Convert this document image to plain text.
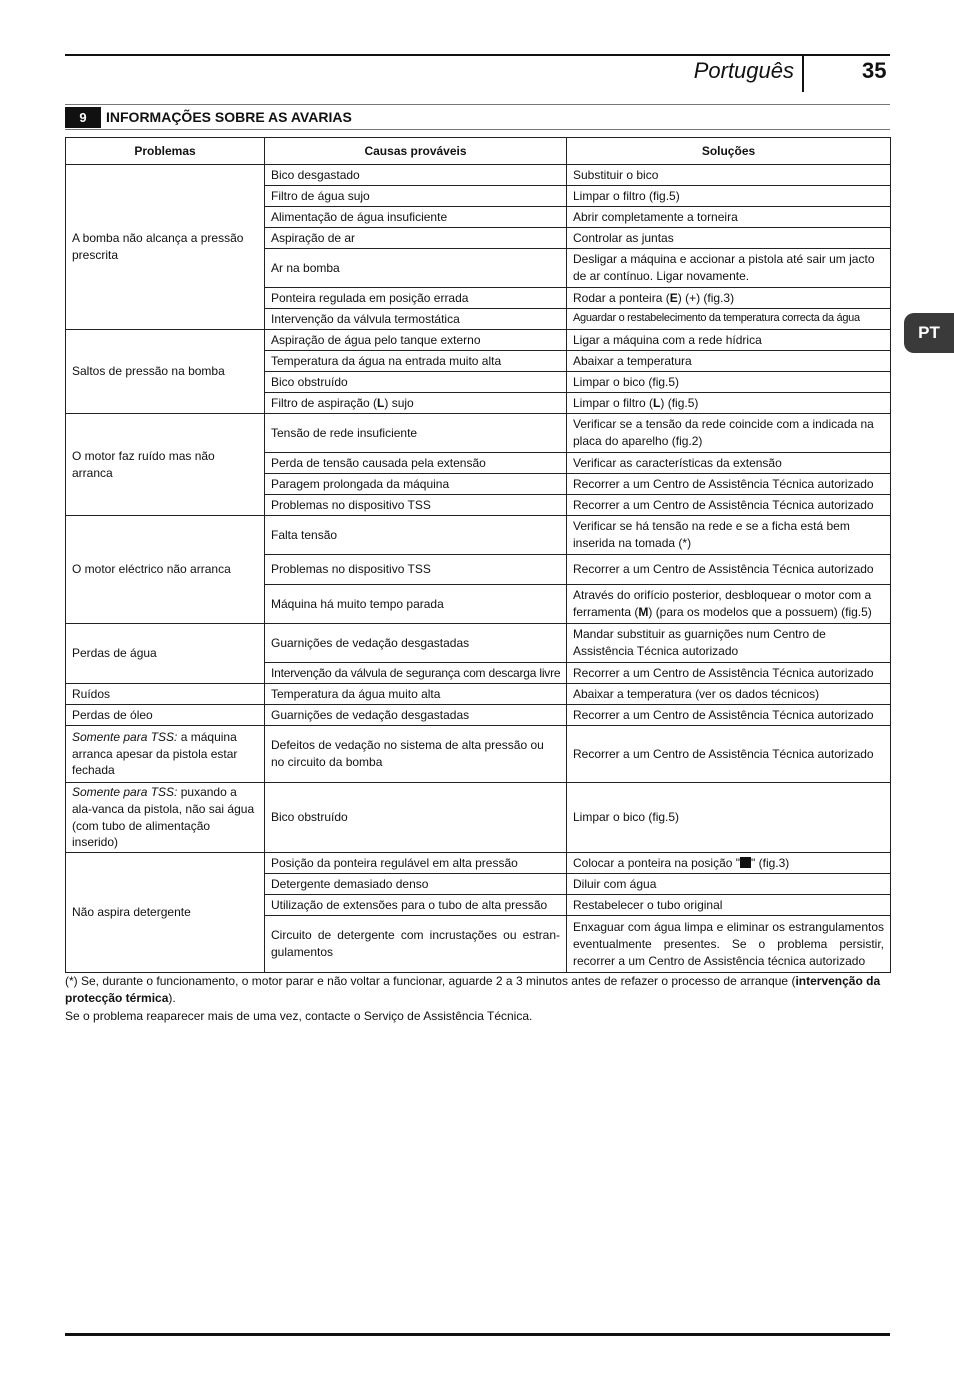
Português	35
PT
9	INFORMAÇÕES SOBRE AS AVARIAS
Problemas	Causas prováveis	Soluções
A bomba não alcança a pressão prescrita	Bico desgastado	Substituir o bico
	Filtro de água sujo	Limpar o filtro (fig.5)
	Alimentação de água insuficiente	Abrir completamente a torneira
	Aspiração de ar	Controlar as juntas
	Ar na bomba	Desligar a máquina e accionar a pistola até sair um jacto de ar contínuo. Ligar novamente.
	Ponteira regulada em posição errada	Rodar a ponteira (E) (+) (fig.3)
	Intervenção da válvula termostática	Aguardar o restabelecimento da temperatura correcta da água
Saltos de pressão na bomba	Aspiração de água pelo tanque externo	Ligar a máquina com a rede hídrica
	Temperatura da água na entrada muito alta	Abaixar a temperatura
	Bico obstruído	Limpar o bico (fig.5)
	Filtro de aspiração (L) sujo	Limpar o filtro (L) (fig.5)
O motor faz ruído mas não arranca	Tensão de rede insuficiente	Verificar se a tensão da rede coincide com a indicada na placa do aparelho (fig.2)
	Perda de tensão causada pela extensão	Verificar as características da extensão
	Paragem prolongada da máquina	Recorrer a um Centro de Assistência Técnica autorizado
	Problemas no dispositivo TSS	Recorrer a um Centro de Assistência Técnica autorizado
O motor eléctrico não arranca	Falta tensão	Verificar se há tensão na rede e se a ficha está bem inserida na tomada (*)
	Problemas no dispositivo TSS	Recorrer a um Centro de Assistência Técnica autorizado
	Máquina há muito tempo parada	Através do orifício posterior, desbloquear o motor com a ferramenta (M) (para os modelos que a possuem) (fig.5)
Perdas de água	Guarnições de vedação desgastadas	Mandar substituir as guarnições num Centro de Assistência Técnica autorizado
	Intervenção da válvula de segurança com descarga livre	Recorrer a um Centro de Assistência Técnica autorizado
Ruídos	Temperatura da água muito alta	Abaixar a temperatura (ver os dados técnicos)
Perdas de óleo	Guarnições de vedação desgastadas	Recorrer a um Centro de Assistência Técnica autorizado
Somente para TSS: a máquina arranca apesar da pistola estar fechada	Defeitos de vedação no sistema de alta pressão ou no circuito da bomba	Recorrer a um Centro de Assistência Técnica autorizado
Somente para TSS: puxando a ala-vanca da pistola, não sai água (com tubo de alimentação inserido)	Bico obstruído	Limpar o bico (fig.5)
Não aspira detergente	Posição da ponteira regulável em alta pressão	Colocar a ponteira na posição " " (fig.3)
	Detergente demasiado denso	Diluir com água
	Utilização de extensões para o tubo de alta pressão	Restabelecer o tubo original
	Circuito de detergente com incrustações ou estran-gulamentos	Enxaguar com água limpa e eliminar os estrangulamentos eventualmente presentes. Se o problema persistir, recorrer a um Centro de Assistência técnica autorizado

(*) Se, durante o funcionamento, o motor parar e não voltar a funcionar, aguarde 2 a 3 minutos antes de refazer o processo de arranque (intervenção da protecção térmica).

Se o problema reaparecer mais de uma vez, contacte o Serviço de Assistência Técnica.
